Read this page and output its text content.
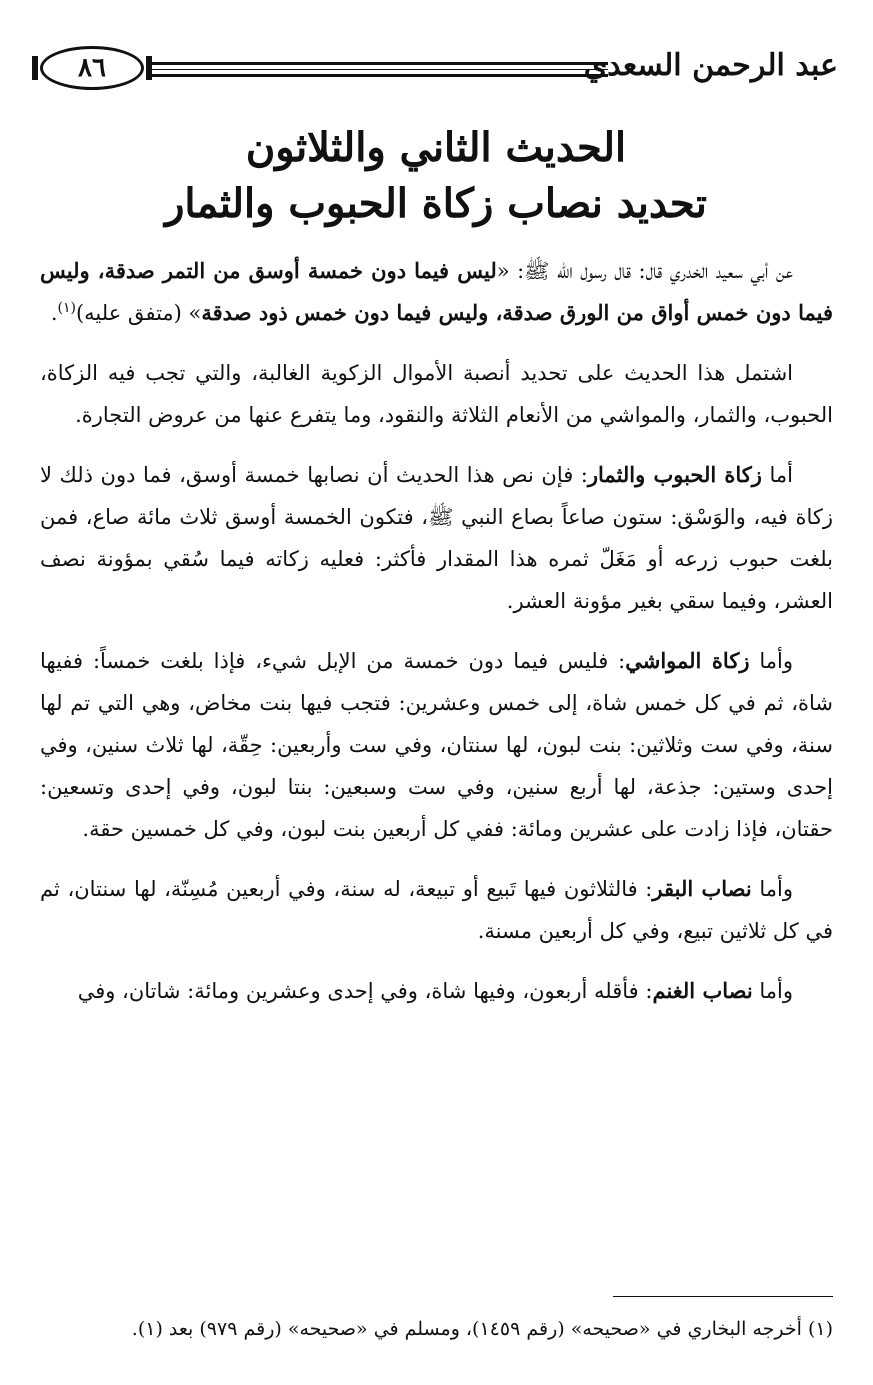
عبد الرحمن السعدي
٨٦
الحديث الثاني والثلاثون
تحديد نصاب زكاة الحبوب والثمار

عن أبي سعيد الخدري قال: قال رسول الله ﷺ: «ليس فيما دون خمسة أوسق من التمر صدقة، وليس فيما دون خمس أواق من الورق صدقة، وليس فيما دون خمس ذود صدقة» (متفق عليه)$^{(١)}$.

اشتمل هذا الحديث على تحديد أنصبة الأموال الزكوية الغالبة، والتي تجب فيه الزكاة، الحبوب، والثمار، والمواشي من الأنعام الثلاثة والنقود، وما يتفرع عنها من عروض التجارة.

أما زكاة الحبوب والثمار: فإن نص هذا الحديث أن نصابها خمسة أوسق، فما دون ذلك لا زكاة فيه، والوَسْق: ستون صاعاً بصاع النبي ﷺ، فتكون الخمسة أوسق ثلاث مائة صاع، فمن بلغت حبوب زرعه أو مَغَلّ ثمره هذا المقدار فأكثر: فعليه زكاته فيما سُقي بمؤونة نصف العشر، وفيما سقي بغير مؤونة العشر.

وأما زكاة المواشي: فليس فيما دون خمسة من الإبل شيء، فإذا بلغت خمساً: ففيها شاة، ثم في كل خمس شاة، إلى خمس وعشرين: فتجب فيها بنت مخاض، وهي التي تم لها سنة، وفي ست وثلاثين: بنت لبون، لها سنتان، وفي ست وأربعين: حِقّة، لها ثلاث سنين، وفي إحدى وستين: جذعة، لها أربع سنين، وفي ست وسبعين: بنتا لبون، وفي إحدى وتسعين: حقتان، فإذا زادت على عشرين ومائة: ففي كل أربعين بنت لبون، وفي كل خمسين حقة.

وأما نصاب البقر: فالثلاثون فيها تَبيع أو تبيعة، له سنة، وفي أربعين مُسِنّة، لها سنتان، ثم في كل ثلاثين تبيع، وفي كل أربعين مسنة.

وأما نصاب الغنم: فأقله أربعون، وفيها شاة، وفي إحدى وعشرين ومائة: شاتان، وفي

(١) أخرجه البخاري في «صحيحه» (رقم ١٤٥٩)، ومسلم في «صحيحه» (رقم ٩٧٩) بعد (١).
